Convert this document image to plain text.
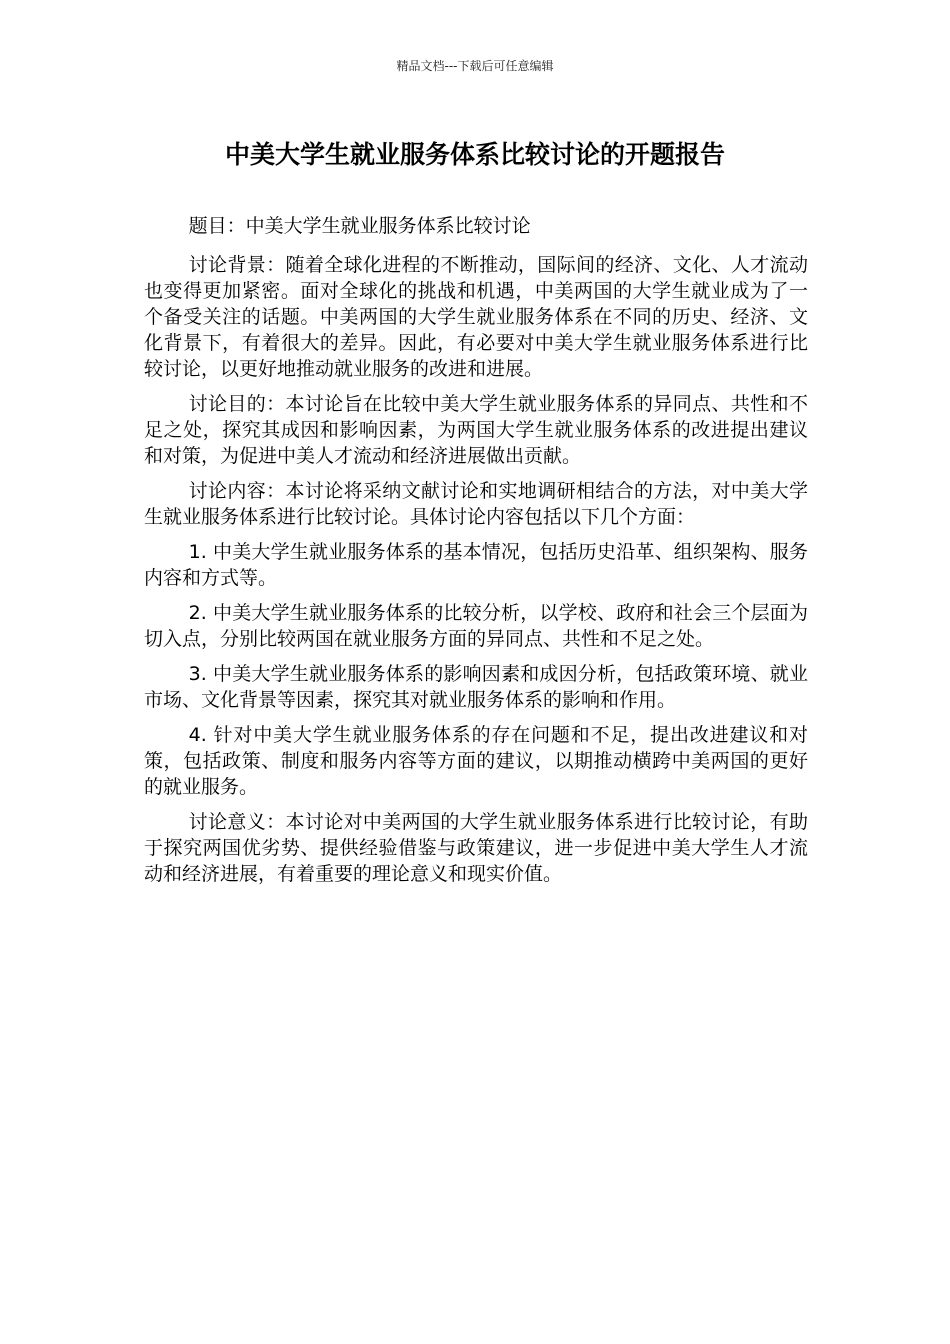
精品文档---下载后可任意编辑
中美大学生就业服务体系比较讨论的开题报告

题目：中美大学生就业服务体系比较讨论

讨论背景：随着全球化进程的不断推动，国际间的经济、文化、人才流动也变得更加紧密。面对全球化的挑战和机遇，中美两国的大学生就业成为了一个备受关注的话题。中美两国的大学生就业服务体系在不同的历史、经济、文化背景下，有着很大的差异。因此，有必要对中美大学生就业服务体系进行比较讨论，以更好地推动就业服务的改进和进展。

讨论目的：本讨论旨在比较中美大学生就业服务体系的异同点、共性和不足之处，探究其成因和影响因素，为两国大学生就业服务体系的改进提出建议和对策，为促进中美人才流动和经济进展做出贡献。

讨论内容：本讨论将采纳文献讨论和实地调研相结合的方法，对中美大学生就业服务体系进行比较讨论。具体讨论内容包括以下几个方面：

1. 中美大学生就业服务体系的基本情况，包括历史沿革、组织架构、服务内容和方式等。

2. 中美大学生就业服务体系的比较分析，以学校、政府和社会三个层面为切入点，分别比较两国在就业服务方面的异同点、共性和不足之处。

3. 中美大学生就业服务体系的影响因素和成因分析，包括政策环境、就业市场、文化背景等因素，探究其对就业服务体系的影响和作用。

4. 针对中美大学生就业服务体系的存在问题和不足，提出改进建议和对策，包括政策、制度和服务内容等方面的建议，以期推动横跨中美两国的更好的就业服务。

讨论意义：本讨论对中美两国的大学生就业服务体系进行比较讨论，有助于探究两国优劣势、提供经验借鉴与政策建议，进一步促进中美大学生人才流动和经济进展，有着重要的理论意义和现实价值。
